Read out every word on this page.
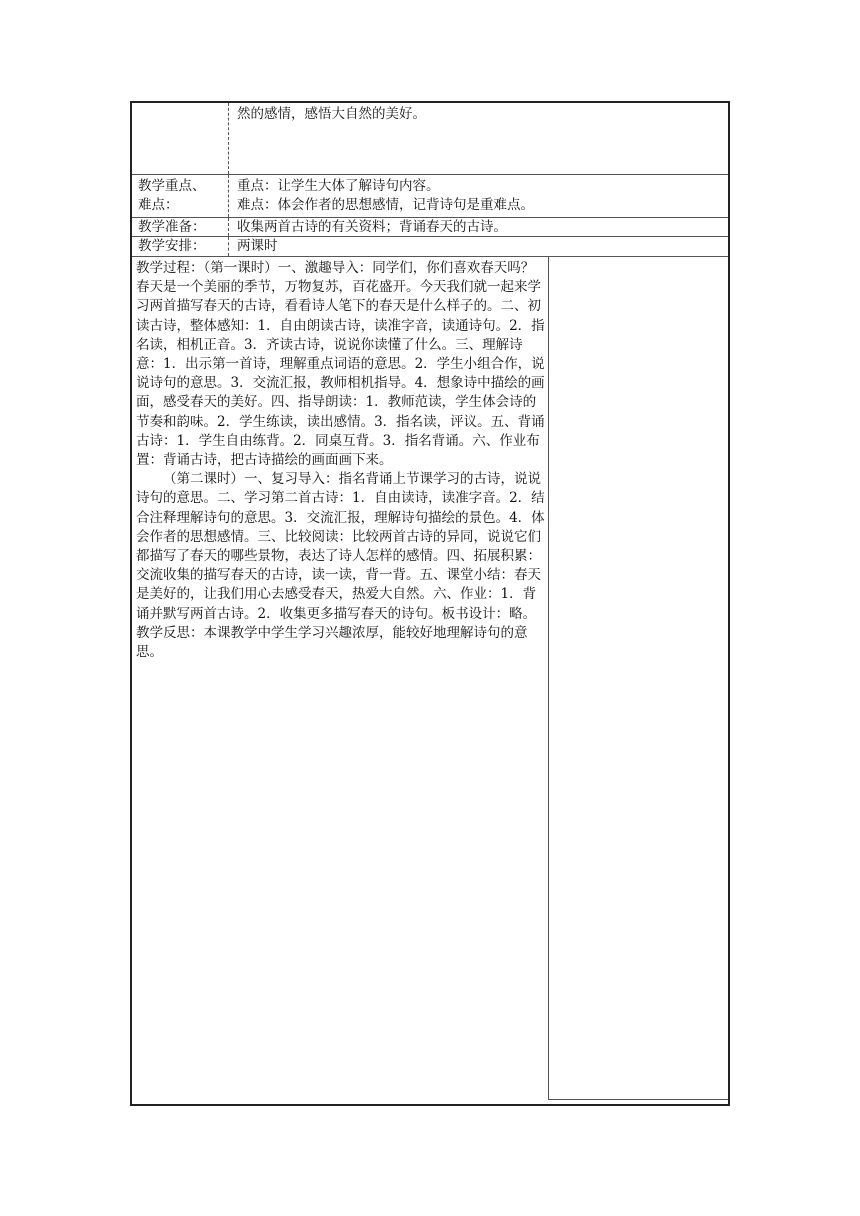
然的感情，感悟大自然的美好。
教学重点、
难点：
重点：让学生大体了解诗句内容。
难点：体会作者的思想感情，记背诗句是重难点。
教学准备：	收集两首古诗的有关资料；背诵春天的古诗。
教学安排：	两课时

教学过程：（第一课时）一、激趣导入：同学们，你们喜欢春天吗？春天是一个美丽的季节，万物复苏，百花盛开。今天我们就一起来学习两首描写春天的古诗，看看诗人笔下的春天是什么样子的。二、初读古诗，整体感知：1．自由朗读古诗，读准字音，读通诗句。2．指名读，相机正音。3．齐读古诗，说说你读懂了什么。三、理解诗意：1．出示第一首诗，理解重点词语的意思。2．学生小组合作，说说诗句的意思。3．交流汇报，教师相机指导。4．想象诗中描绘的画面，感受春天的美好。四、指导朗读：1．教师范读，学生体会诗的节奏和韵味。2．学生练读，读出感情。3．指名读，评议。五、背诵古诗：1．学生自由练背。2．同桌互背。3．指名背诵。六、作业布置：背诵古诗，把古诗描绘的画面画下来。

（第二课时）一、复习导入：指名背诵上节课学习的古诗，说说诗句的意思。二、学习第二首古诗：1．自由读诗，读准字音。2．结合注释理解诗句的意思。3．交流汇报，理解诗句描绘的景色。4．体会作者的思想感情。三、比较阅读：比较两首古诗的异同，说说它们都描写了春天的哪些景物，表达了诗人怎样的感情。四、拓展积累：交流收集的描写春天的古诗，读一读，背一背。五、课堂小结：春天是美好的，让我们用心去感受春天，热爱大自然。六、作业：1．背诵并默写两首古诗。2．收集更多描写春天的诗句。板书设计：略。教学反思：本课教学中学生学习兴趣浓厚，能较好地理解诗句的意思。
